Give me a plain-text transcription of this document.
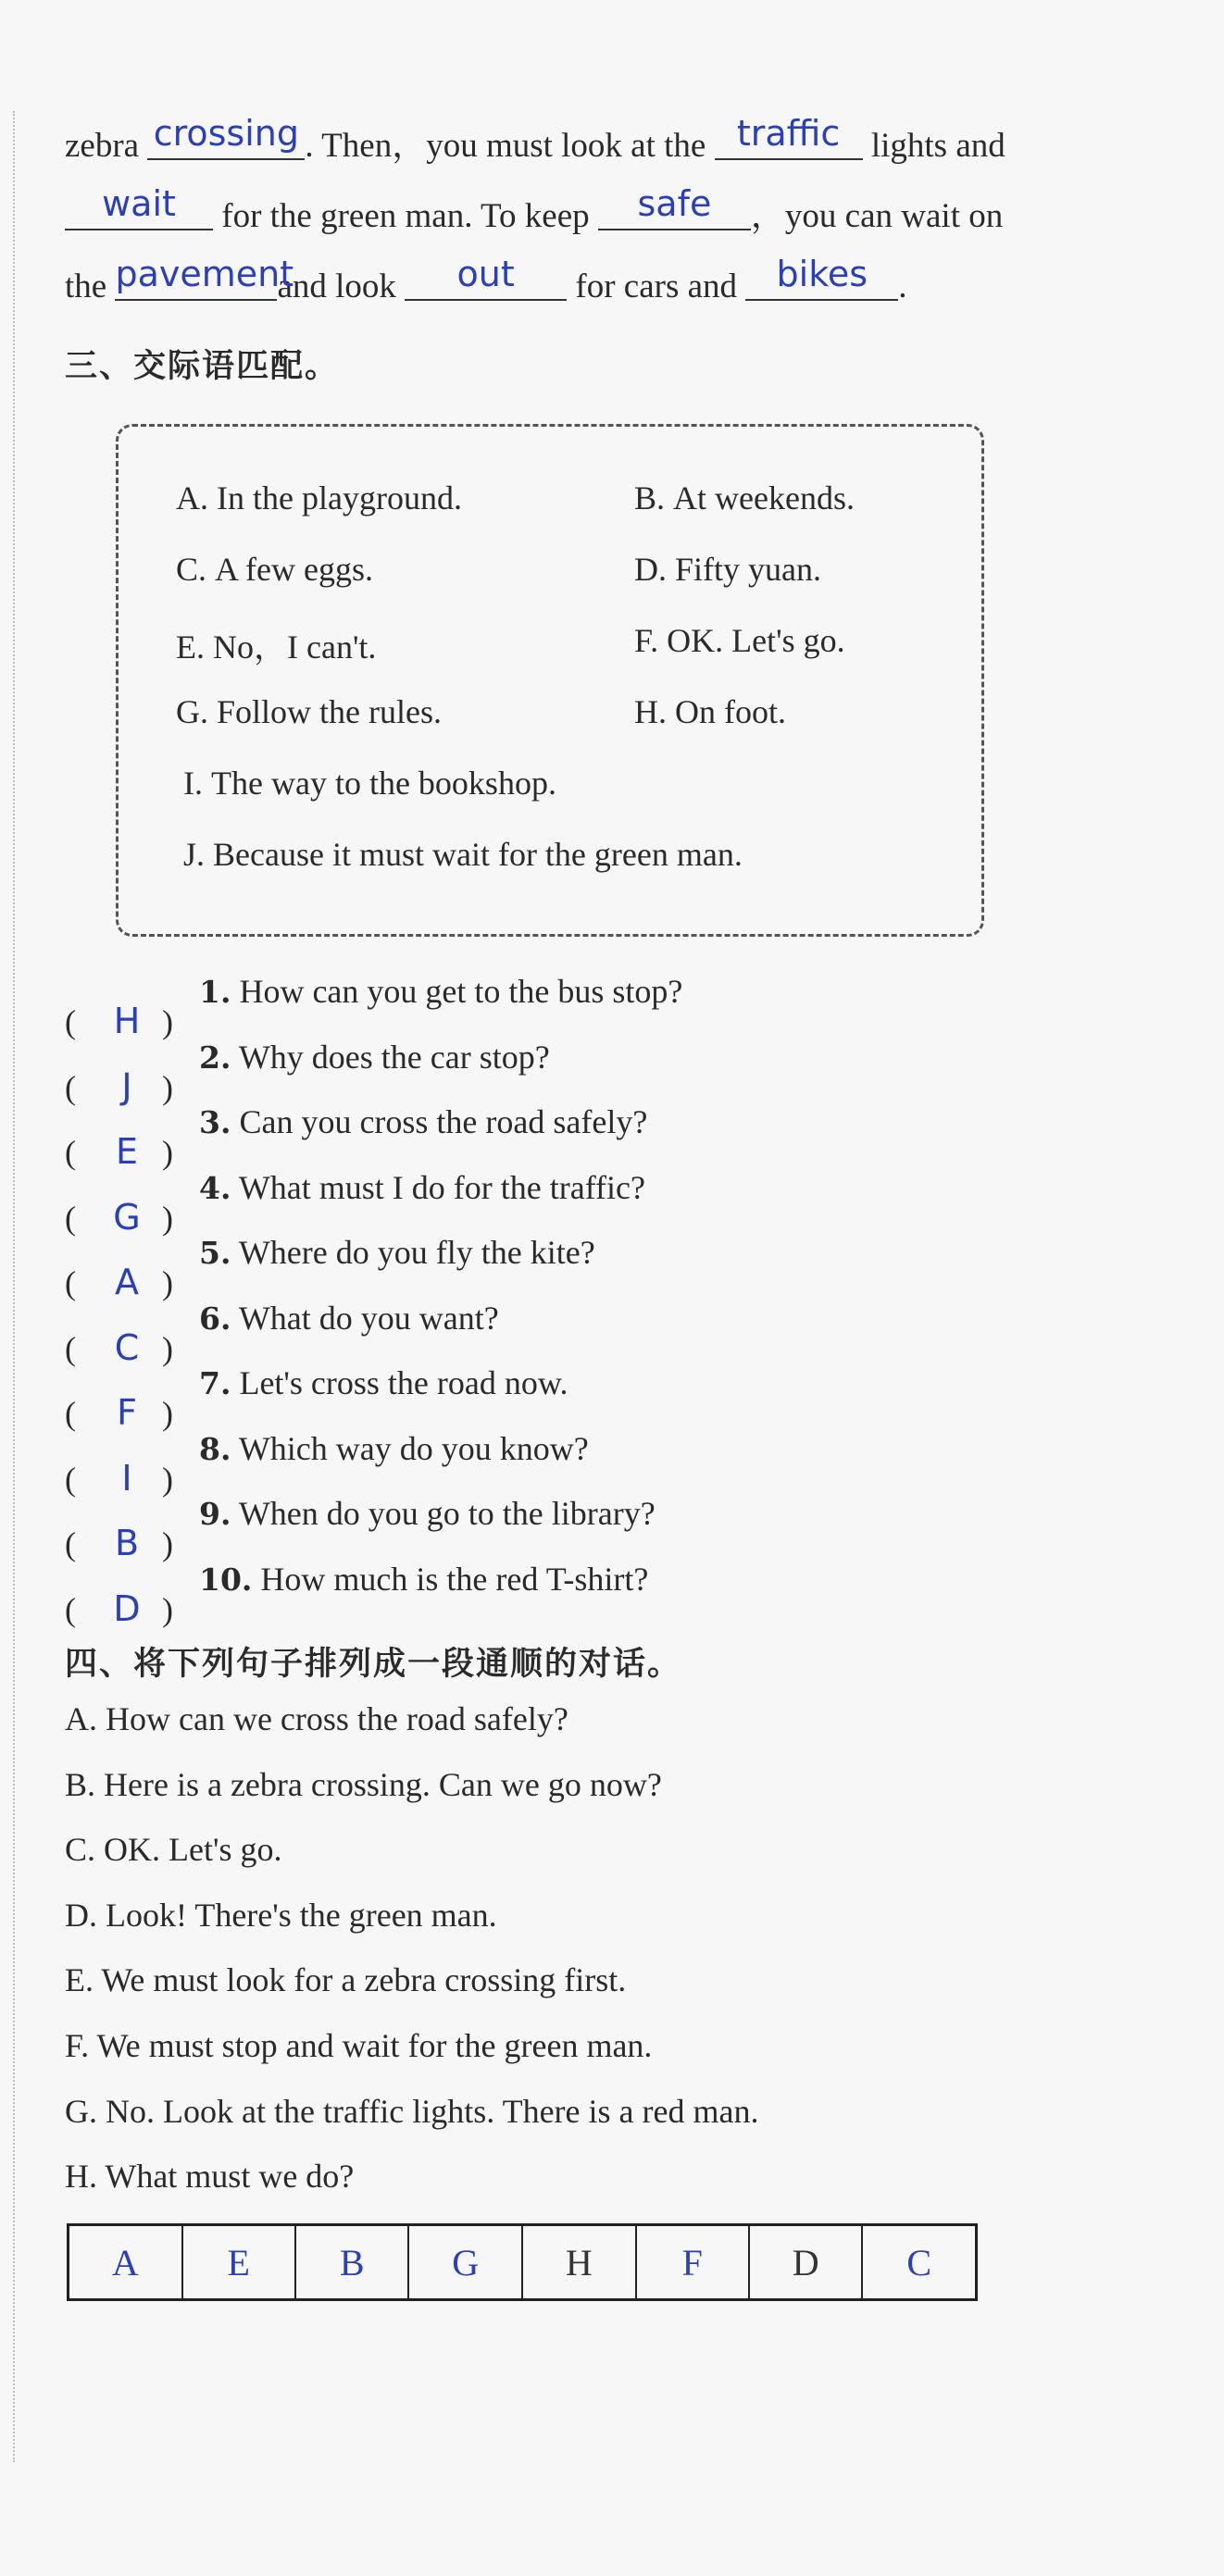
zebra crossing . Then，you must look at the traffic lights and
wait for the green man. To keep safe ，you can wait on
the pavementand look out for cars and bikes .
三、交际语匹配。
A. In the playground.	B. At weekends.
C. A few eggs.	D. Fifty yuan.
E. No，I can't.	F. OK. Let's go.
G. Follow the rules.	H. On foot.
I. The way to the bookshop.
J. Because it must wait for the green man.
( H )
1. How can you get to the bus stop?
(	J )
2. Why does the car stop?
(	E )
3. Can you cross the road safely?
( G )
4. What must I do for the traffic?
(	A )
5. Where do you fly the kite?
(	C )
6. What do you want?
(	F )
7. Let's cross the road now.
(	I )
8. Which way do you know?
(	B )
9. When do you go to the library?
( D )
10. How much is the red T-shirt?
四、将下列句子排列成一段通顺的对话。
A. How can we cross the road safely?
B. Here is a zebra crossing. Can we go now?
C. OK. Let's go.
D. Look! There's the green man.
E. We must look for a zebra crossing first.
F. We must stop and wait for the green man.
G. No. Look at the traffic lights. There is a red man.
H. What must we do?
A	E	B	G	H	F	D	C
